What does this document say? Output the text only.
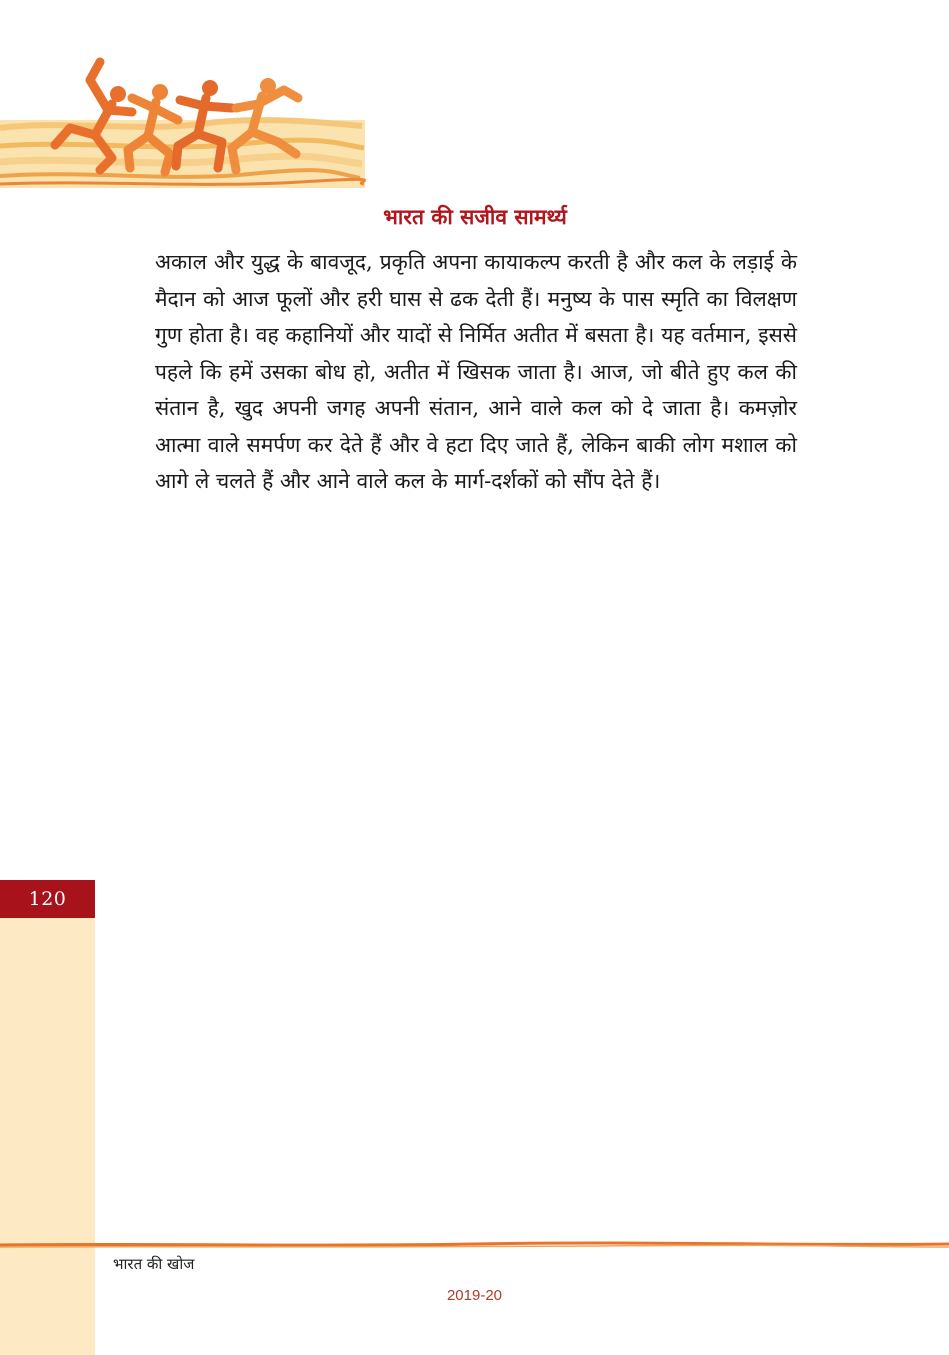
भारत की सजीव सामर्थ्य

अकाल और युद्ध के बावजूद, प्रकृति अपना कायाकल्प करती है और कल के लड़ाई के मैदान को आज फूलों और हरी घास से ढक देती हैं। मनुष्य के पास स्मृति का विलक्षण गुण होता है। वह कहानियों और यादों से निर्मित अतीत में बसता है। यह वर्तमान, इससे पहले कि हमें उसका बोध हो, अतीत में खिसक जाता है। आज, जो बीते हुए कल की संतान है, खुद अपनी जगह अपनी संतान, आने वाले कल को दे जाता है। कमज़ोर आत्मा वाले समर्पण कर देते हैं और वे हटा दिए जाते हैं, लेकिन बाकी लोग मशाल को आगे ले चलते हैं और आने वाले कल के मार्ग-दर्शकों को सौंप देते हैं।

120
भारत की खोज
2019-20
